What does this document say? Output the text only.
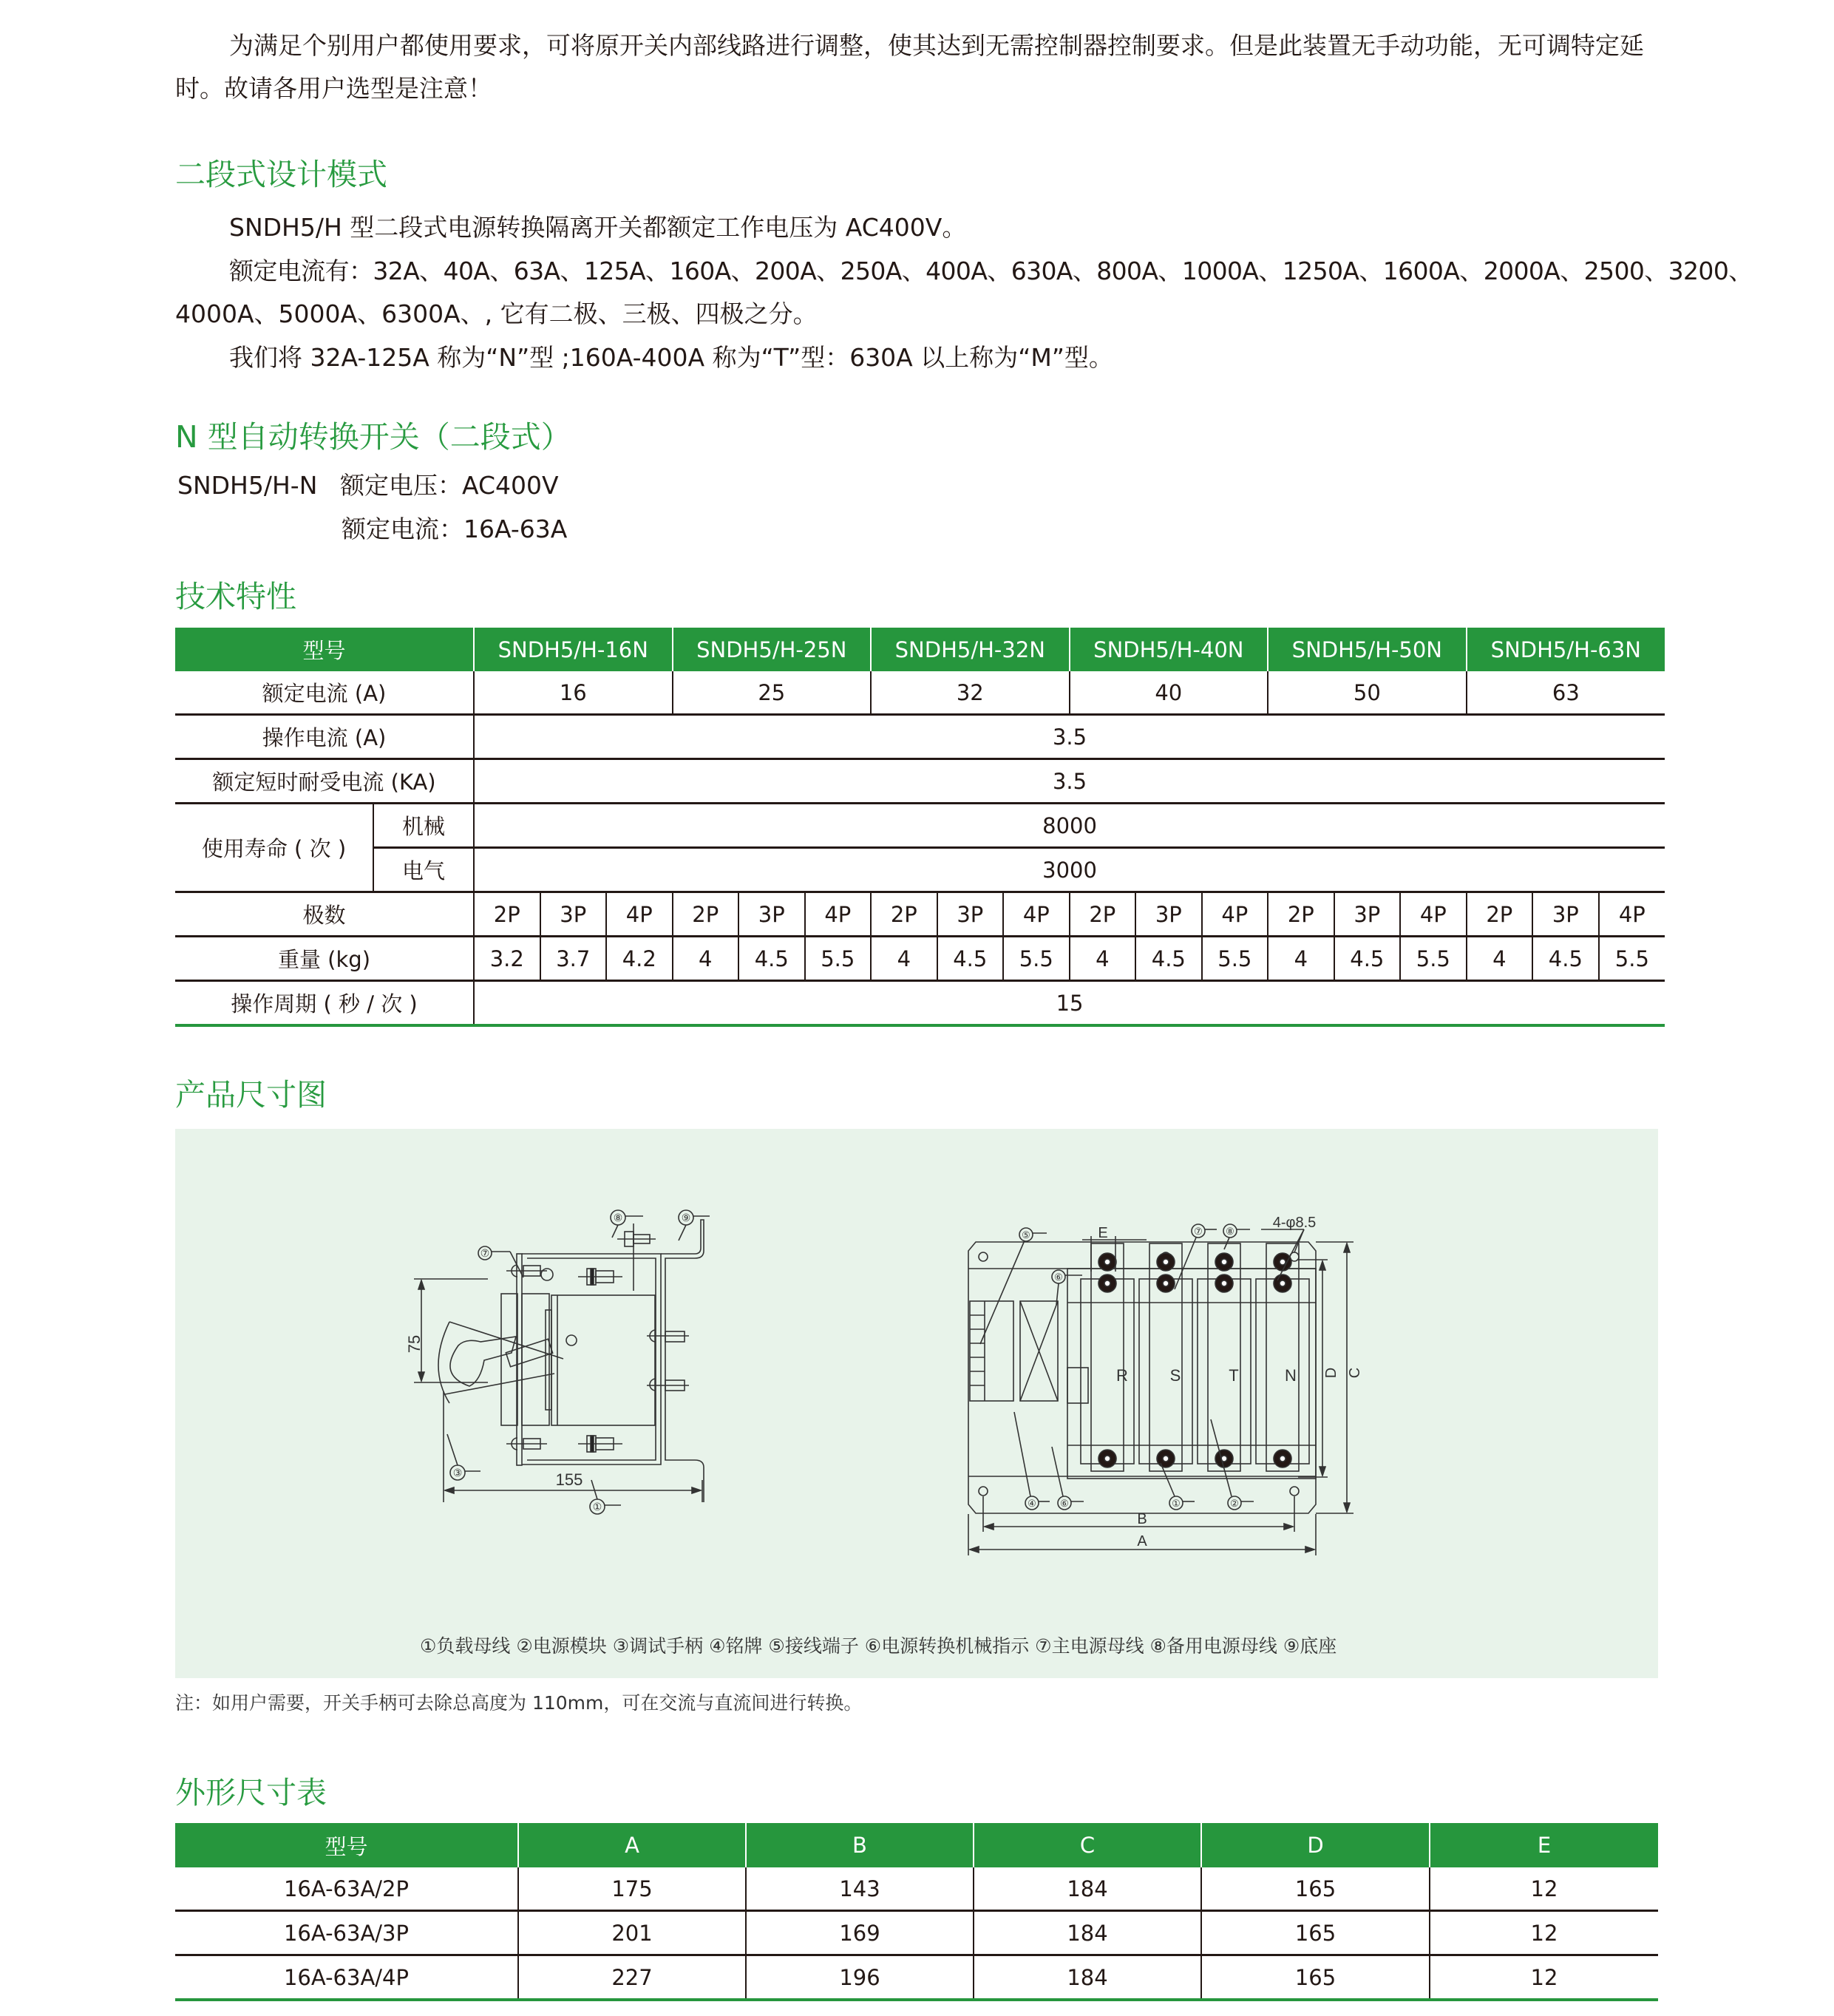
为满足个别用户都使用要求，可将原开关内部线路进行调整，使其达到无需控制器控制要求。但是此装置无手动功能，无可调特定延
时。故请各用户选型是注意！
二段式设计模式
SNDH5/H 型二段式电源转换隔离开关都额定工作电压为 AC400V。
额定电流有：32A、40A、63A、125A、160A、200A、250A、400A、630A、800A、1000A、1250A、1600A、2000A、2500、3200、
4000A、5000A、6300A、, 它有二极、三极、四极之分。
我们将 32A-125A 称为“N”型 ;160A-400A 称为“T”型：630A 以上称为“M”型。
N 型自动转换开关（二段式）
SNDH5/H-N 额定电压：AC400V
额定电流：16A-63A
技术特性
型号		SNDH5/H-16N			SNDH5/H-25N			SNDH5/H-32N			SNDH5/H-40N			SNDH5/H-50N			SNDH5/H-63N		
额定电流 (A)		16			25			32			40			50			63		
操作电流 (A)		3.5																	
额定短时耐受电流 (KA)		3.5																	
使用寿命 ( 次 )	机械	8000																	
	电气	3000																	
极数		2P	3P	4P	2P	3P	4P	2P	3P	4P	2P	3P	4P	2P	3P	4P	2P	3P	4P
重量 (kg)		3.2	3.7	4.2	4	4.5	5.5	4	4.5	5.5	4	4.5	5.5	4	4.5	5.5	4	4.5	5.5
操作周期 ( 秒 / 次 )		15																	
产品尺寸图
75
155
⑦
③
①
⑧	⑨
E
4-φ8.5
B
A
D C
R	S	T	N
⑤
⑥
⑦ ⑧
④ ⑥	①	②
①负载母线 ②电源模块 ③调试手柄 ④铭牌 ⑤接线端子 ⑥电源转换机械指示 ⑦主电源母线 ⑧备用电源母线 ⑨底座
注：如用户需要，开关手柄可去除总高度为 110mm，可在交流与直流间进行转换。
外形尺寸表
型号	A	B	C	D	E
16A-63A/2P	175	143	184	165	12
16A-63A/3P	201	169	184	165	12
16A-63A/4P	227	196	184	165	12
